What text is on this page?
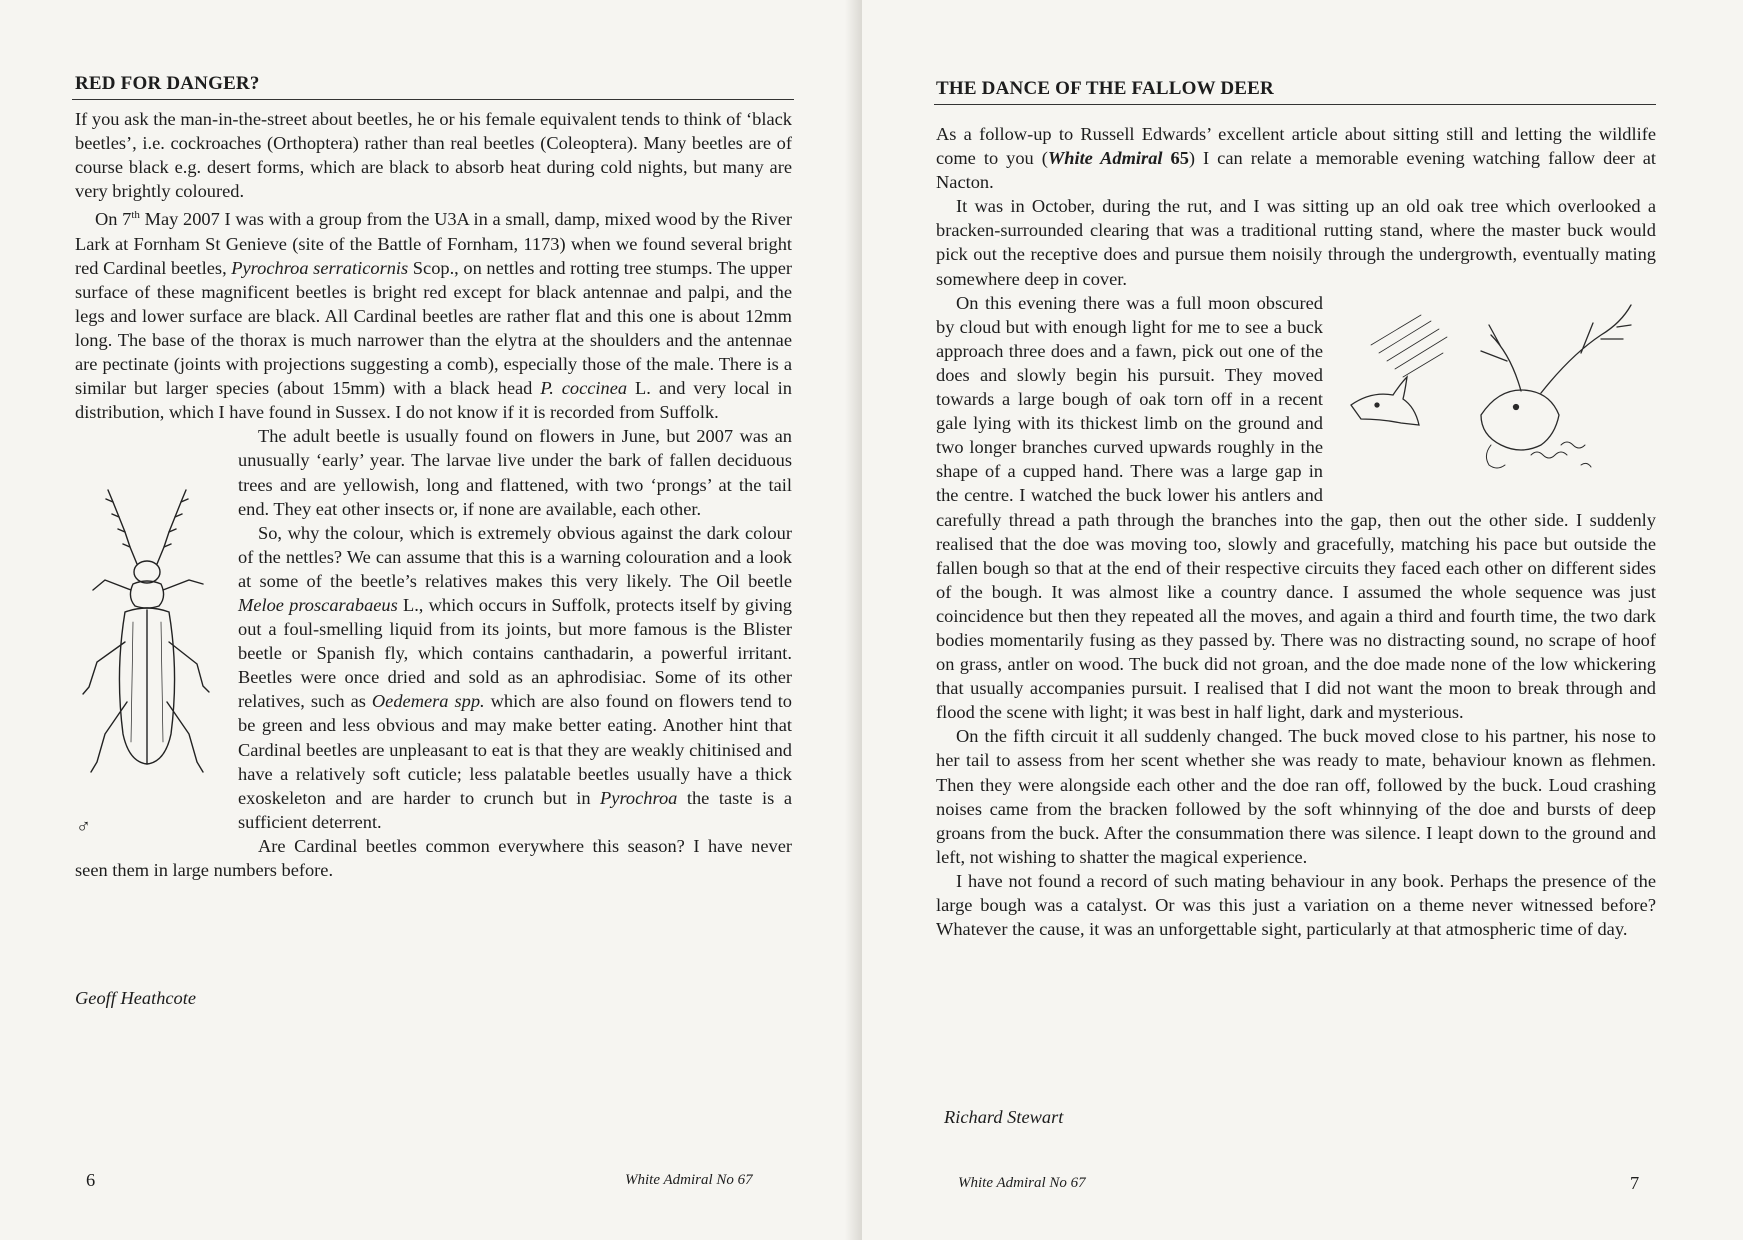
RED FOR DANGER?

If you ask the man-in-the-street about beetles, he or his female equivalent tends to think of ‘black beetles’, i.e. cockroaches (Orthoptera) rather than real beetles (Coleoptera). Many beetles are of course black e.g. desert forms, which are black to absorb heat during cold nights, but many are very brightly coloured.

On 7th May 2007 I was with a group from the U3A in a small, damp, mixed wood by the River Lark at Fornham St Genieve (site of the Battle of Fornham, 1173) when we found several bright red Cardinal beetles, Pyrochroa serraticornis Scop., on nettles and rotting tree stumps. The upper surface of these magnificent beetles is bright red except for black antennae and palpi, and the legs and lower surface are black. All Cardinal beetles are rather flat and this one is about 12mm long. The base of the thorax is much narrower than the elytra at the shoulders and the antennae are pectinate (joints with projections suggesting a comb), especially those of the male. There is a similar but larger species (about 15mm) with a black head P. coccinea L. and very local in distribution, which I have found in Sussex. I do not know if it is recorded from Suffolk.

The adult beetle is usually found on flowers in June, but 2007 was an unusually ‘early’ year. The larvae live under the bark of fallen deciduous trees and are yellowish, long and flattened, with two ‘prongs’ at the tail end. They eat other insects or, if none are available, each other.

So, why the colour, which is extremely obvious against the dark colour of the nettles? We can assume that this is a warning colouration and a look at some of the beetle’s relatives makes this very likely. The Oil beetle Meloe proscarabaeus L., which occurs in Suffolk, protects itself by giving out a foul-smelling liquid from its joints, but more famous is the Blister beetle or Spanish fly, which contains canthadarin, a powerful irritant. Beetles were once dried and sold as an aphrodisiac. Some of its other relatives, such as Oedemera spp. which are also found on flowers tend to be green and less obvious and may make better eating. Another hint that Cardinal beetles are unpleasant to eat is that they are weakly chitinised and have a relatively soft cuticle; less palatable beetles usually have a thick exoskeleton and are harder to crunch but in Pyrochroa the taste is a sufficient deterrent.

Are Cardinal beetles common everywhere this season? I have never seen them in large numbers before.

♂
Geoff Heathcote
6	White Admiral No 67
THE DANCE OF THE FALLOW DEER

As a follow-up to Russell Edwards’ excellent article about sitting still and letting the wildlife come to you (White Admiral 65) I can relate a memorable evening watching fallow deer at Nacton.

It was in October, during the rut, and I was sitting up an old oak tree which overlooked a bracken-surrounded clearing that was a traditional rutting stand, where the master buck would pick out the receptive does and pursue them noisily through the undergrowth, eventually mating somewhere deep in cover.

On this evening there was a full moon obscured by cloud but with enough light for me to see a buck approach three does and a fawn, pick out one of the does and slowly begin his pursuit. They moved towards a large bough of oak torn off in a recent gale lying with its thickest limb on the ground and two longer branches curved upwards roughly in the shape of a cupped hand. There was a large gap in the centre. I watched the buck lower his antlers and carefully thread a path through the branches into the gap, then out the other side. I suddenly realised that the doe was moving too, slowly and gracefully, matching his pace but outside the fallen bough so that at the end of their respective circuits they faced each other on different sides of the bough. It was almost like a country dance. I assumed the whole sequence was just coincidence but then they repeated all the moves, and again a third and fourth time, the two dark bodies momentarily fusing as they passed by. There was no distracting sound, no scrape of hoof on grass, antler on wood. The buck did not groan, and the doe made none of the low whickering that usually accompanies pursuit. I realised that I did not want the moon to break through and flood the scene with light; it was best in half light, dark and mysterious.

On the fifth circuit it all suddenly changed. The buck moved close to his partner, his nose to her tail to assess from her scent whether she was ready to mate, behaviour known as flehmen. Then they were alongside each other and the doe ran off, followed by the buck. Loud crashing noises came from the bracken followed by the soft whinnying of the doe and bursts of deep groans from the buck. After the consummation there was silence. I leapt down to the ground and left, not wishing to shatter the magical experience.

I have not found a record of such mating behaviour in any book. Perhaps the presence of the large bough was a catalyst. Or was this just a variation on a theme never witnessed before? Whatever the cause, it was an unforgettable sight, particularly at that atmospheric time of day.

Richard Stewart
White Admiral No 67	7
